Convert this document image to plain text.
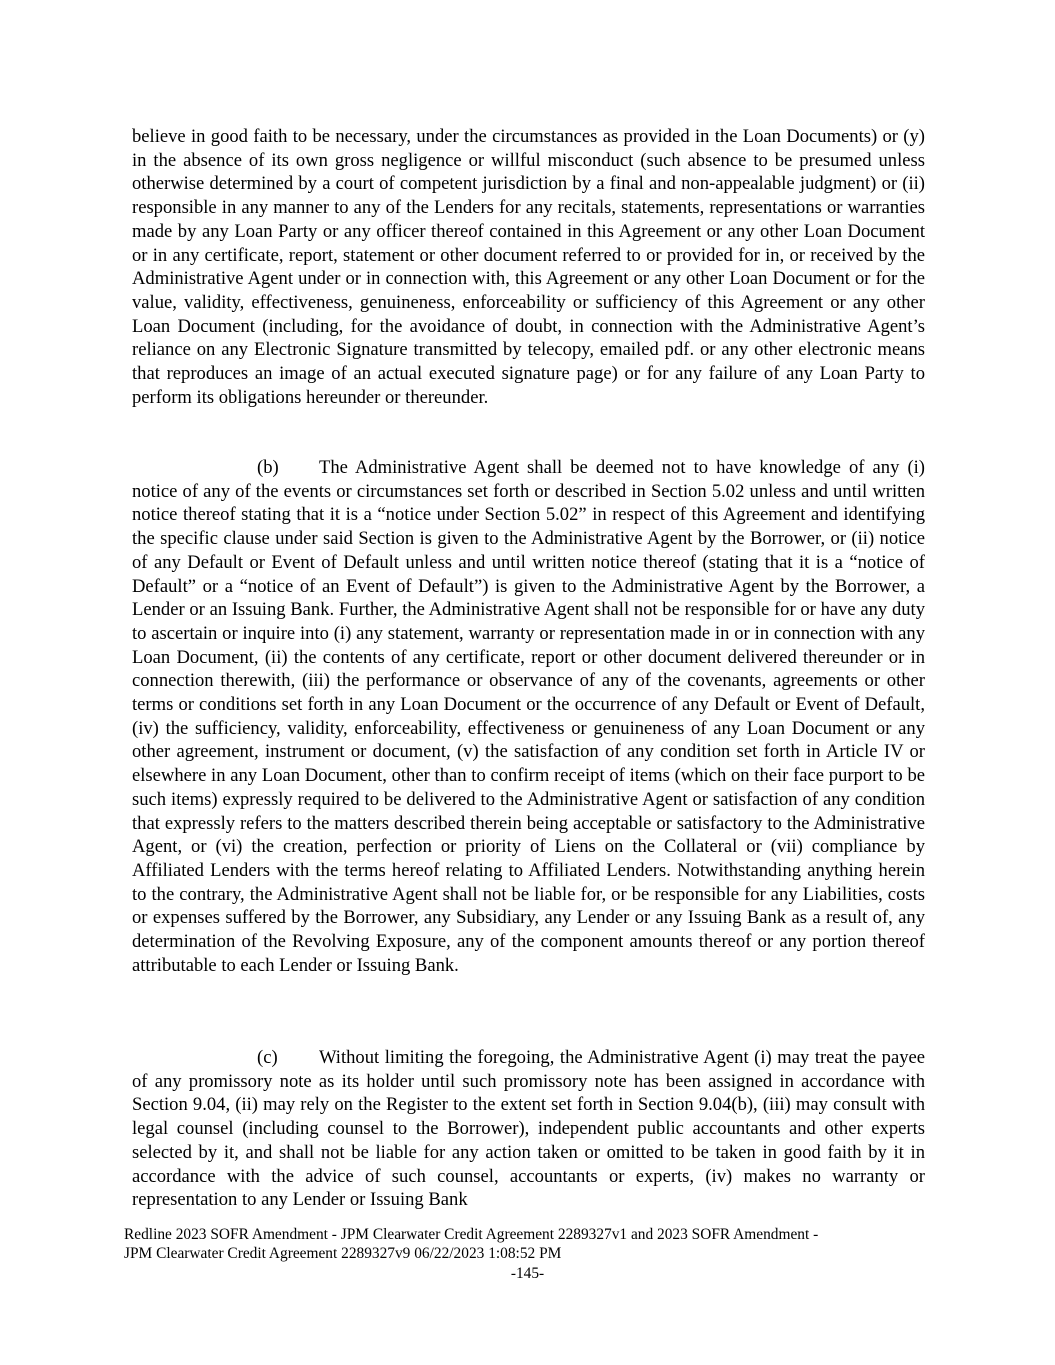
believe in good faith to be necessary, under the circumstances as provided in the Loan Documents) or (y) in the absence of its own gross negligence or willful misconduct (such absence to be presumed unless otherwise determined by a court of competent jurisdiction by a final and non-appealable judgment) or (ii) responsible in any manner to any of the Lenders for any recitals, statements, representations or warranties made by any Loan Party or any officer thereof contained in this Agreement or any other Loan Document or in any certificate, report, statement or other document referred to or provided for in, or received by the Administrative Agent under or in connection with, this Agreement or any other Loan Document or for the value, validity, effectiveness, genuineness, enforceability or sufficiency of this Agreement or any other Loan Document (including, for the avoidance of doubt, in connection with the Administrative Agent’s reliance on any Electronic Signature transmitted by telecopy, emailed pdf. or any other electronic means that reproduces an image of an actual executed signature page) or for any failure of any Loan Party to perform its obligations hereunder or thereunder.

(b) The Administrative Agent shall be deemed not to have knowledge of any (i) notice of any of the events or circumstances set forth or described in Section 5.02 unless and until written notice thereof stating that it is a “notice under Section 5.02” in respect of this Agreement and identifying the specific clause under said Section is given to the Administrative Agent by the Borrower, or (ii) notice of any Default or Event of Default unless and until written notice thereof (stating that it is a “notice of Default” or a “notice of an Event of Default”) is given to the Administrative Agent by the Borrower, a Lender or an Issuing Bank. Further, the Administrative Agent shall not be responsible for or have any duty to ascertain or inquire into (i) any statement, warranty or representation made in or in connection with any Loan Document, (ii) the contents of any certificate, report or other document delivered thereunder or in connection therewith, (iii) the performance or observance of any of the covenants, agreements or other terms or conditions set forth in any Loan Document or the occurrence of any Default or Event of Default, (iv) the sufficiency, validity, enforceability, effectiveness or genuineness of any Loan Document or any other agreement, instrument or document, (v) the satisfaction of any condition set forth in Article IV or elsewhere in any Loan Document, other than to confirm receipt of items (which on their face purport to be such items) expressly required to be delivered to the Administrative Agent or satisfaction of any condition that expressly refers to the matters described therein being acceptable or satisfactory to the Administrative Agent, or (vi) the creation, perfection or priority of Liens on the Collateral or (vii) compliance by Affiliated Lenders with the terms hereof relating to Affiliated Lenders. Notwithstanding anything herein to the contrary, the Administrative Agent shall not be liable for, or be responsible for any Liabilities, costs or expenses suffered by the Borrower, any Subsidiary, any Lender or any Issuing Bank as a result of, any determination of the Revolving Exposure, any of the component amounts thereof or any portion thereof attributable to each Lender or Issuing Bank.

(c) Without limiting the foregoing, the Administrative Agent (i) may treat the payee of any promissory note as its holder until such promissory note has been assigned in accordance with Section 9.04, (ii) may rely on the Register to the extent set forth in Section 9.04(b), (iii) may consult with legal counsel (including counsel to the Borrower), independent public accountants and other experts selected by it, and shall not be liable for any action taken or omitted to be taken in good faith by it in accordance with the advice of such counsel, accountants or experts, (iv) makes no warranty or representation to any Lender or Issuing Bank

Redline 2023 SOFR Amendment - JPM Clearwater Credit Agreement 2289327v1 and 2023 SOFR Amendment -
JPM Clearwater Credit Agreement 2289327v9 06/22/2023 1:08:52 PM
-145-
